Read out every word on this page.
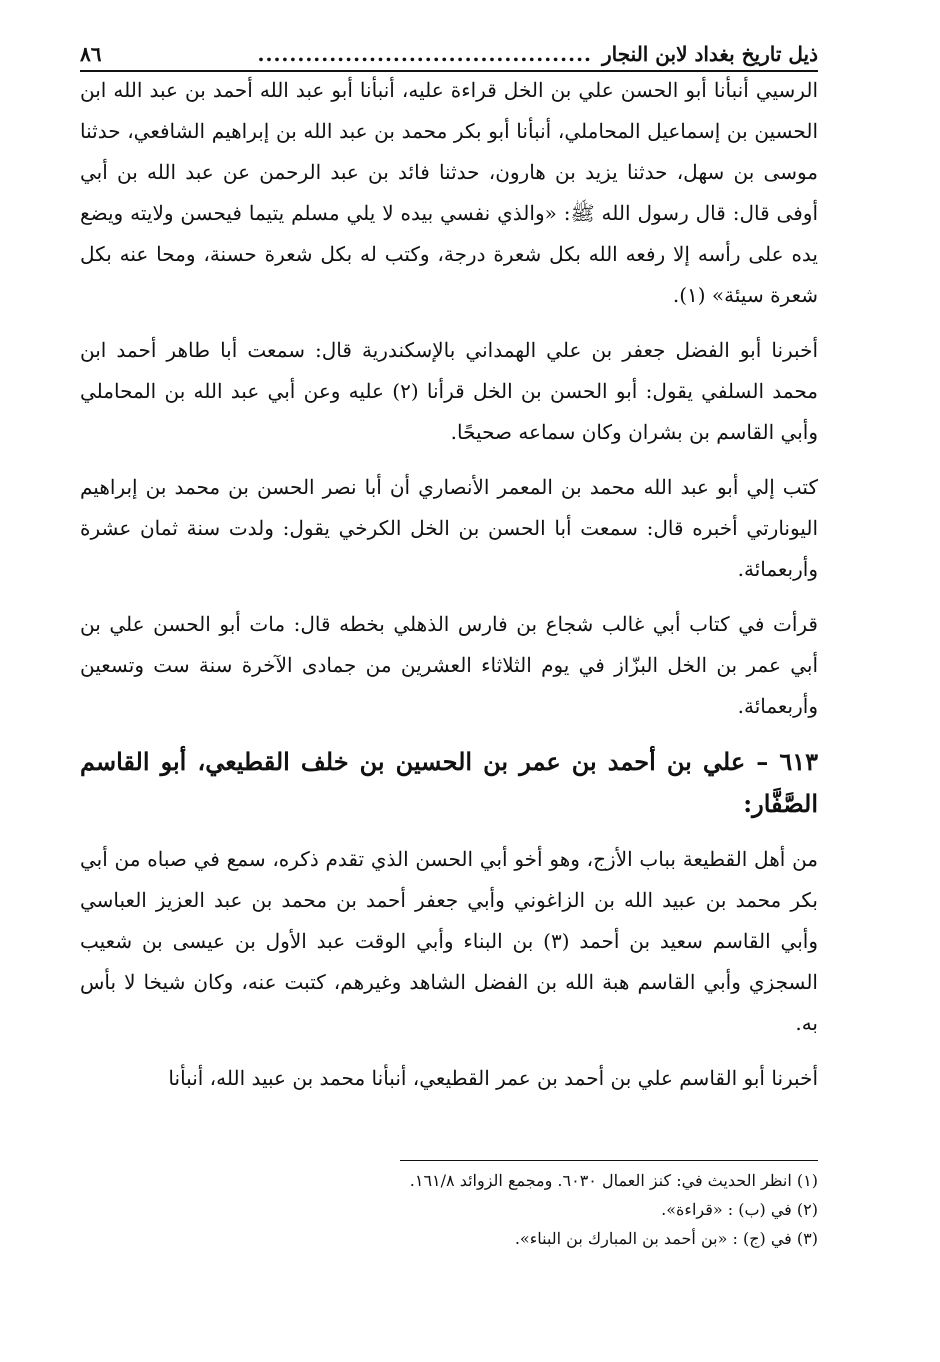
ذيل تاريخ بغداد لابن النجار
..........................................
٨٦

الرسيي أنبأنا أبو الحسن علي بن الخل قراءة عليه، أنبأنا أبو عبد الله أحمد بن عبد الله ابن الحسين بن إسماعيل المحاملي، أنبأنا أبو بكر محمد بن عبد الله بن إبراهيم الشافعي، حدثنا موسى بن سهل، حدثنا يزيد بن هارون، حدثنا فائد بن عبد الرحمن عن عبد الله بن أبي أوفى قال: قال رسول الله ﷺ: «والذي نفسي بيده لا يلي مسلم يتيما فيحسن ولايته ويضع يده على رأسه إلا رفعه الله بكل شعرة درجة، وكتب له بكل شعرة حسنة، ومحا عنه بكل شعرة سيئة» (١).

أخبرنا أبو الفضل جعفر بن علي الهمداني بالإسكندرية قال: سمعت أبا طاهر أحمد ابن محمد السلفي يقول: أبو الحسن بن الخل قرأنا (٢) عليه وعن أبي عبد الله بن المحاملي وأبي القاسم بن بشران وكان سماعه صحيحًا.

كتب إلي أبو عبد الله محمد بن المعمر الأنصاري أن أبا نصر الحسن بن محمد بن إبراهيم اليونارتي أخبره قال: سمعت أبا الحسن بن الخل الكرخي يقول: ولدت سنة ثمان عشرة وأربعمائة.

قرأت في كتاب أبي غالب شجاع بن فارس الذهلي بخطه قال: مات أبو الحسن علي بن أبي عمر بن الخل البزّاز في يوم الثلاثاء العشرين من جمادى الآخرة سنة ست وتسعين وأربعمائة.

٦١٣ – علي بن أحمد بن عمر بن الحسين بن خلف القطيعي، أبو القاسم الصَّفَّار:

من أهل القطيعة بباب الأزج، وهو أخو أبي الحسن الذي تقدم ذكره، سمع في صباه من أبي بكر محمد بن عبيد الله بن الزاغوني وأبي جعفر أحمد بن محمد بن عبد العزيز العباسي وأبي القاسم سعيد بن أحمد (٣) بن البناء وأبي الوقت عبد الأول بن عيسى بن شعيب السجزي وأبي القاسم هبة الله بن الفضل الشاهد وغيرهم، كتبت عنه، وكان شيخا لا بأس به.

أخبرنا أبو القاسم علي بن أحمد بن عمر القطيعي، أنبأنا محمد بن عبيد الله، أنبأنا

(١) انظر الحديث في: كنز العمال ٦٠٣٠. ومجمع الزوائد ١٦١/٨.
(٢) في (ب) : «قراءة».
(٣) في (ج) : «بن أحمد بن المبارك بن البناء».
